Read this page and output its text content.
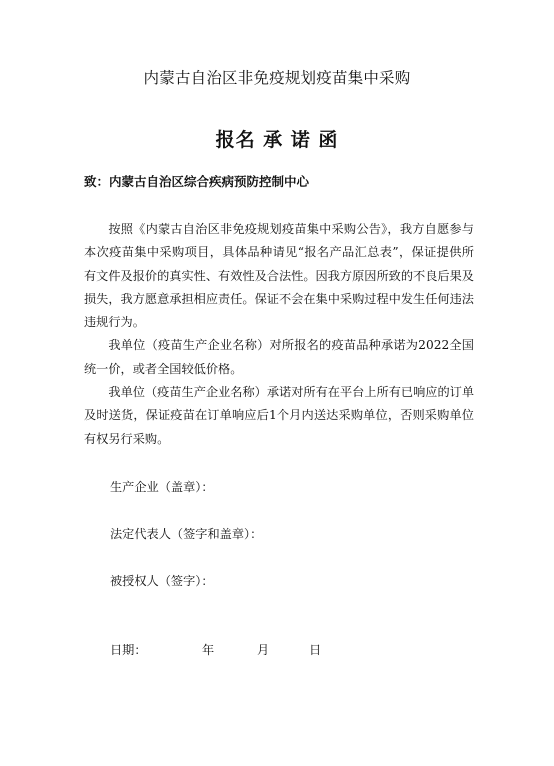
内蒙古自治区非免疫规划疫苗集中采购
报名 承 诺 函
致：内蒙古自治区综合疾病预防控制中心

按照《内蒙古自治区非免疫规划疫苗集中采购公告》，我方自愿参与本次疫苗集中采购项目，具体品种请见“报名产品汇总表”，保证提供所有文件及报价的真实性、有效性及合法性。因我方原因所致的不良后果及损失，我方愿意承担相应责任。保证不会在集中采购过程中发生任何违法违规行为。

我单位（疫苗生产企业名称）对所报名的疫苗品种承诺为2022全国统一价，或者全国较低价格。

我单位（疫苗生产企业名称）承诺对所有在平台上所有已响应的订单及时送货，保证疫苗在订单响应后1个月内送达采购单位，否则采购单位有权另行采购。

生产企业（盖章）：
法定代表人（签字和盖章）：
被授权人（签字）：
日期：	年	月	日
